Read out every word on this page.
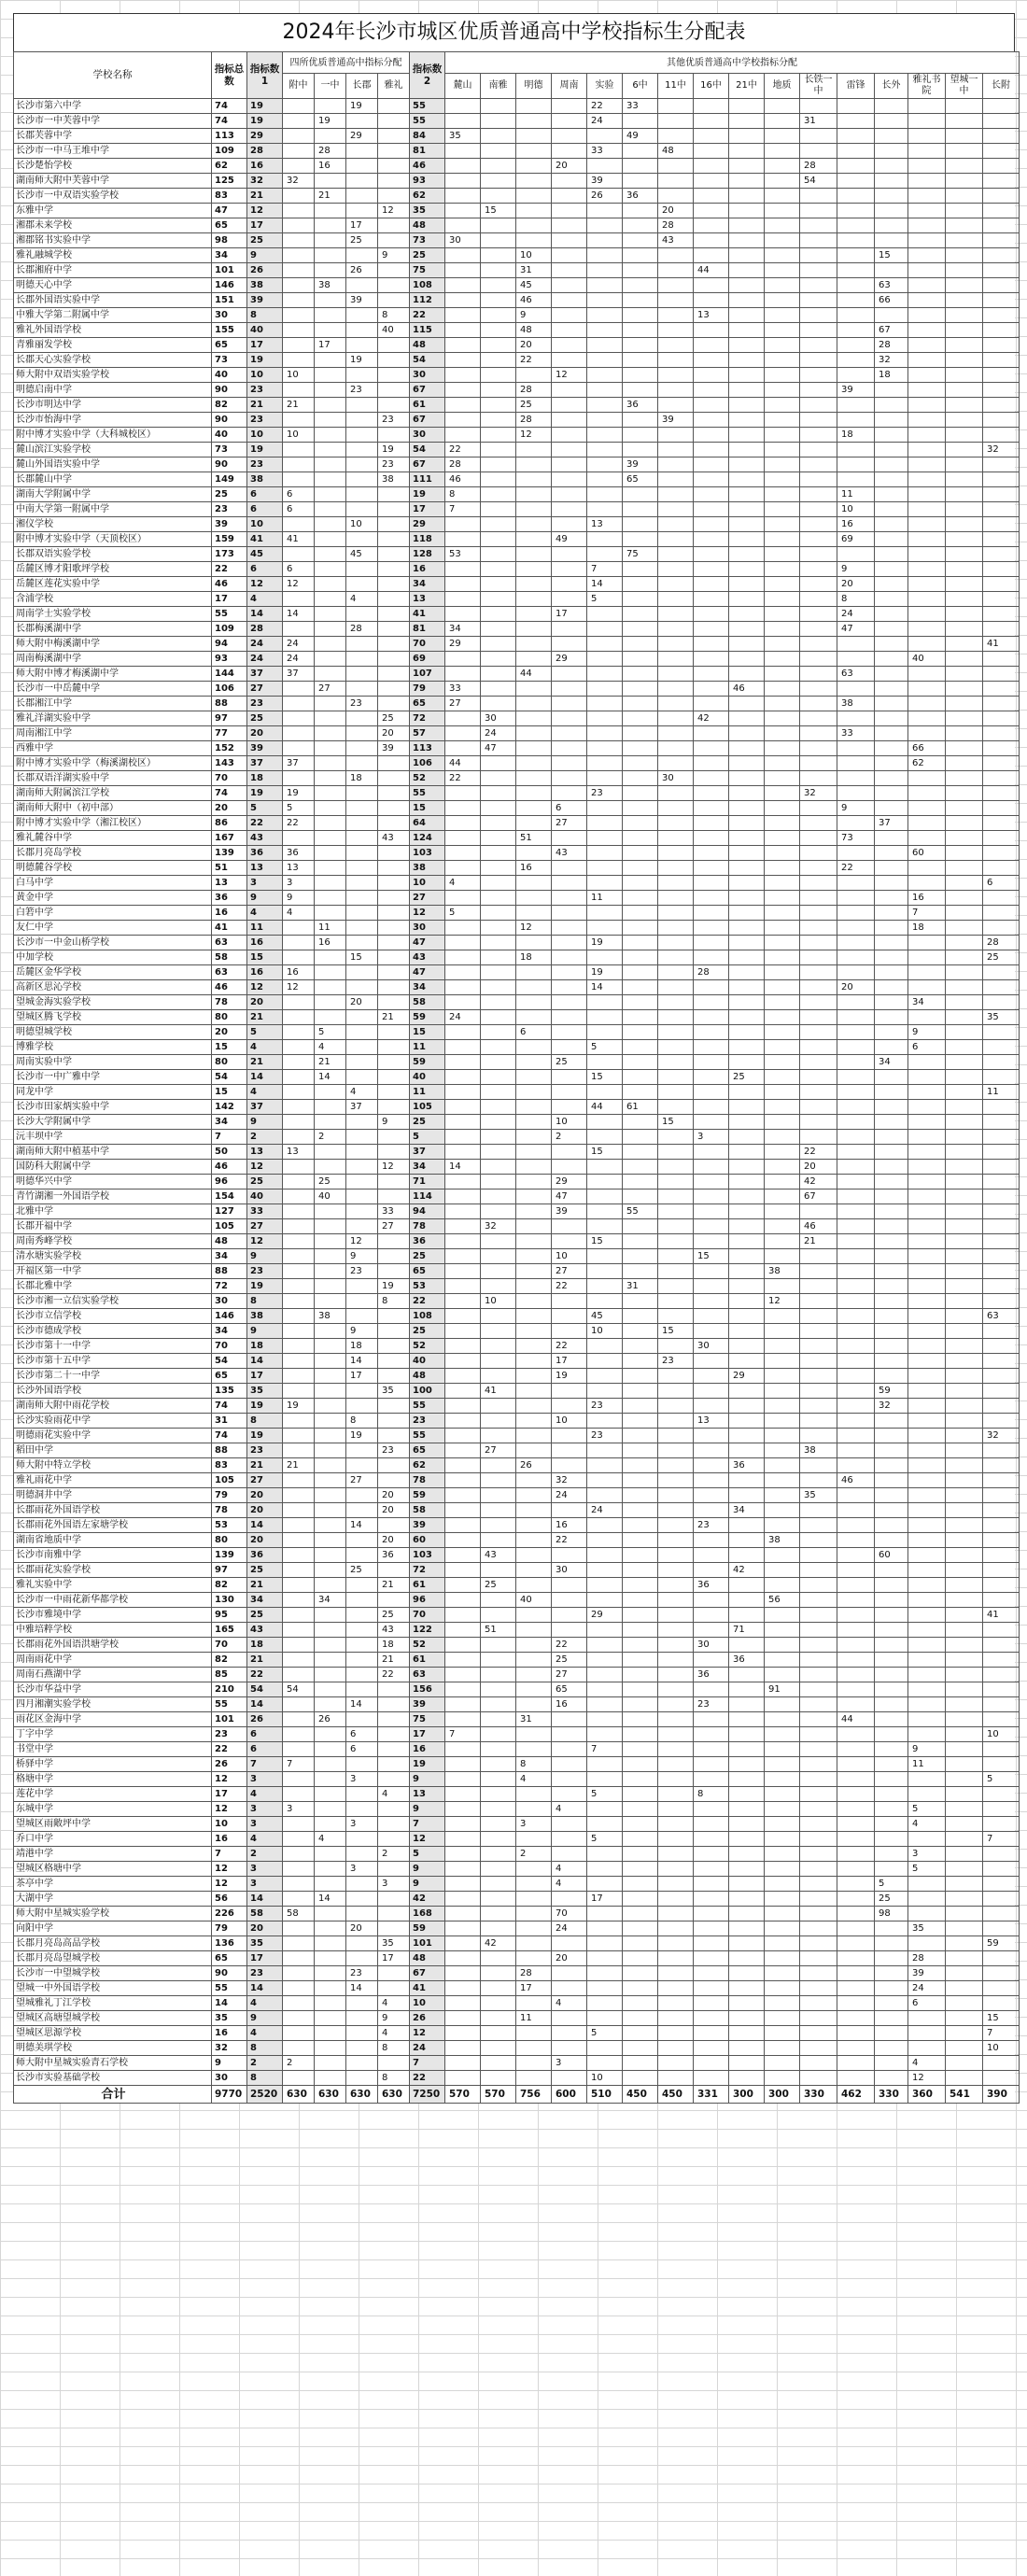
2024年长沙市城区优质普通高中学校指标生分配表
学校名称	指标总数	指标数1	四所优质普通高中指标分配				指标数2	其他优质普通高中学校指标分配															
			附中	一中	长郡	雅礼		麓山	南雅	明德	周南	实验	6中	11中	16中	21中	地质	长铁一中	雷锋	长外	雅礼书院	望城一中	长附
长沙市第六中学	74	19			19		55					22	33										
长沙市一中芙蓉中学	74	19		19			55					24						31					
长郡芙蓉中学	113	29			29		84	35					49										
长沙市一中马王堆中学	109	28		28			81					33		48									
长沙楚怡学校	62	16		16			46				20							28					
湖南师大附中芙蓉中学	125	32	32				93					39						54					
长沙市一中双语实验学校	83	21		21			62					26	36										
东雅中学	47	12				12	35		15					20									
湘郡未来学校	65	17			17		48							28									
湘郡铭书实验中学	98	25			25		73	30						43									
雅礼融城学校	34	9				9	25			10										15			
长郡湘府中学	101	26			26		75			31					44								
明德天心中学	146	38		38			108			45										63			
长郡外国语实验中学	151	39			39		112			46										66			
中雅大学第二附属中学	30	8				8	22			9					13								
雅礼外国语学校	155	40				40	115			48										67			
青雅丽发学校	65	17		17			48			20										28			
长郡天心实验学校	73	19			19		54			22										32			
师大附中双语实验学校	40	10	10				30				12									18			
明德启南中学	90	23			23		67			28									39				
长沙市明达中学	82	21	21				61			25			36										
长沙市怡海中学	90	23				23	67			28				39									
附中博才实验中学（大科城校区）	40	10	10				30			12									18				
麓山滨江实验学校	73	19				19	54	22															32
麓山外国语实验中学	90	23				23	67	28					39										
长郡麓山中学	149	38				38	111	46					65										
湖南大学附属中学	25	6	6				19	8											11				
中南大学第一附属中学	23	6	6				17	7											10				
湘仪学校	39	10			10		29					13							16				
附中博才实验中学（天顶校区）	159	41	41				118				49								69				
长郡双语实验学校	173	45			45		128	53					75										
岳麓区博才阳歌坪学校	22	6	6				16					7							9				
岳麓区莲花实验中学	46	12	12				34					14							20				
含浦学校	17	4			4		13					5							8				
周南学士实验学校	55	14	14				41				17								24				
长郡梅溪湖中学	109	28			28		81	34											47				
师大附中梅溪湖中学	94	24	24				70	29															41
周南梅溪湖中学	93	24	24				69				29										40		
师大附中博才梅溪湖中学	144	37	37				107			44									63				
长沙市一中岳麓中学	106	27		27			79	33								46							
长郡湘江中学	88	23			23		65	27											38				
雅礼洋湖实验中学	97	25				25	72		30						42								
周南湘江中学	77	20				20	57		24										33				
西雅中学	152	39				39	113		47												66		
附中博才实验中学（梅溪湖校区）	143	37	37				106	44													62		
长郡双语洋湖实验中学	70	18			18		52	22						30									
湖南师大附属滨江学校	74	19	19				55					23						32					
湖南师大附中（初中部）	20	5	5				15				6								9				
附中博才实验中学（湘江校区）	86	22	22				64				27									37			
雅礼麓谷中学	167	43				43	124			51									73				
长郡月亮岛学校	139	36	36				103				43										60		
明德麓谷学校	51	13	13				38			16									22				
白马中学	13	3	3				10	4															6
黄金中学	36	9	9				27					11									16		
白箬中学	16	4	4				12	5													7		
友仁中学	41	11		11			30			12											18		
长沙市一中金山桥学校	63	16		16			47					19											28
中加学校	58	15			15		43			18													25
岳麓区金华学校	63	16	16				47					19			28								
高新区思沁学校	46	12	12				34					14							20				
望城金海实验学校	78	20			20		58														34		
望城区腾飞学校	80	21				21	59	24															35
明德望城学校	20	5		5			15			6											9		
博雅学校	15	4		4			11					5									6		
周南实验中学	80	21		21			59				25									34			
长沙市一中广雅中学	54	14		14			40					15				25							
同龙中学	15	4			4		11																11
长沙市田家炳实验中学	142	37			37		105					44	61										
长沙大学附属中学	34	9				9	25				10			15									
沅丰坝中学	7	2		2			5				2				3								
湖南师大附中植基中学	50	13	13				37					15						22					
国防科大附属中学	46	12				12	34	14										20					
明德华兴中学	96	25		25			71				29							42					
青竹湖湘一外国语学校	154	40		40			114				47							67					
北雅中学	127	33				33	94				39		55										
长郡开福中学	105	27				27	78		32									46					
周南秀峰学校	48	12			12		36					15						21					
清水塘实验学校	34	9			9		25				10				15								
开福区第一中学	88	23			23		65				27						38						
长郡北雅中学	72	19				19	53				22		31										
长沙市湘一立信实验学校	30	8				8	22		10								12						
长沙市立信学校	146	38		38			108					45											63
长沙市德成学校	34	9			9		25					10		15									
长沙市第十一中学	70	18			18		52				22				30								
长沙市第十五中学	54	14			14		40				17			23									
长沙市第二十一中学	65	17			17		48				19					29							
长沙外国语学校	135	35				35	100		41											59			
湖南师大附中雨花学校	74	19	19				55					23								32			
长沙实验雨花中学	31	8			8		23				10				13								
明德雨花实验中学	74	19			19		55					23											32
稻田中学	88	23				23	65		27									38					
师大附中特立学校	83	21	21				62			26						36							
雅礼雨花中学	105	27			27		78				32								46				
明德洞井中学	79	20				20	59				24							35					
长郡雨花外国语学校	78	20				20	58					24				34							
长郡雨花外国语左家塘学校	53	14			14		39				16				23								
湖南省地质中学	80	20				20	60				22						38						
长沙市南雅中学	139	36				36	103		43											60			
长郡雨花实验学校	97	25			25		72				30					42							
雅礼实验中学	82	21				21	61		25						36								
长沙市一中雨花新华都学校	130	34		34			96			40							56						
长沙市雅境中学	95	25				25	70					29											41
中雅培粹学校	165	43				43	122		51							71							
长郡雨花外国语洪塘学校	70	18				18	52				22				30								
周南雨花中学	82	21				21	61				25					36							
周南石燕湖中学	85	22				22	63				27				36								
长沙市华益中学	210	54	54				156				65						91						
四月湘潮实验学校	55	14			14		39				16				23								
雨花区金海中学	101	26		26			75			31									44				
丁字中学	23	6			6		17	7															10
书堂中学	22	6			6		16					7									9		
桥驿中学	26	7	7				19			8											11		
格塘中学	12	3			3		9			4													5
莲花中学	17	4				4	13					5			8								
东城中学	12	3	3				9				4										5		
望城区雨敞坪中学	10	3			3		7			3											4		
乔口中学	16	4		4			12					5											7
靖港中学	7	2				2	5			2											3		
望城区格塘中学	12	3			3		9				4										5		
茶亭中学	12	3				3	9				4									5			
大湖中学	56	14		14			42					17								25			
师大附中星城实验学校	226	58	58				168				70									98			
向阳中学	79	20			20		59				24										35		
长郡月亮岛高品学校	136	35				35	101		42														59
长郡月亮岛望城学校	65	17				17	48				20										28		
长沙市一中望城学校	90	23			23		67			28											39		
望城一中外国语学校	55	14			14		41			17											24		
望城雅礼丁江学校	14	4				4	10				4										6		
望城区高塘望城学校	35	9				9	26			11													15
望城区思源学校	16	4				4	12					5											7
明德美琪学校	32	8				8	24																10
师大附中星城实验青石学校	9	2	2				7				3										4		
长沙市实验基础学校	30	8				8	22					10									12		
合计	9770	2520	630	630	630	630	7250	570	570	756	600	510	450	450	331	300	300	330	462	330	360	541	390
